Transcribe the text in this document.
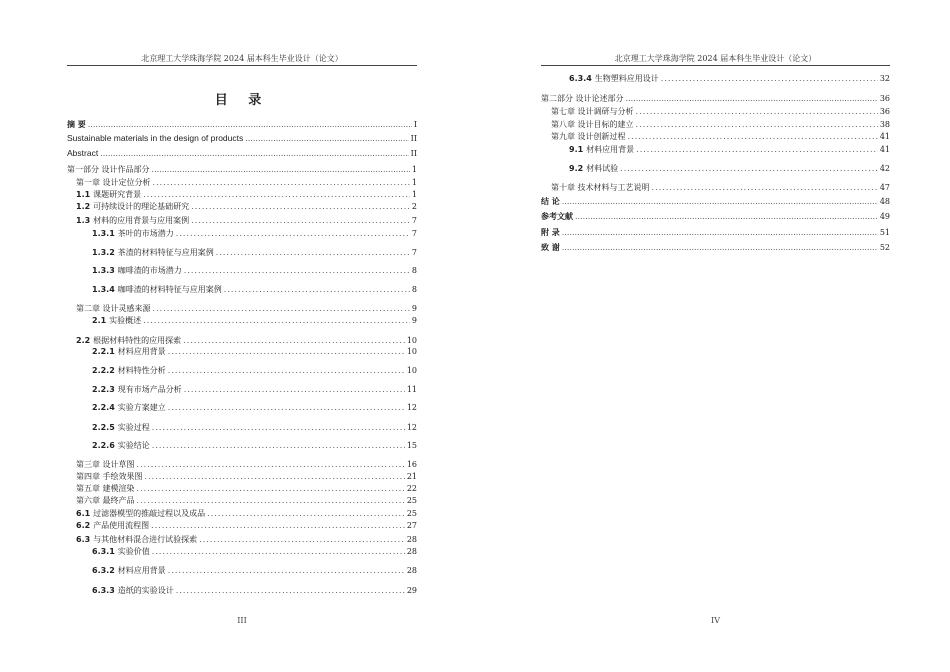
北京理工大学珠海学院 2024 届本科生毕业设计（论文）
目 录
摘 要 .....	I
Sustainable materials in the design of products .....	II
Abstract .....	II
第一部分 设计作品部分 .....	1
第一章 设计定位分析 .....	1
1.1 课题研究背景 .....	1
1.2 可持续设计的理论基础研究 .....	2
1.3 材料的应用背景与应用案例 .....	7
1.3.1 茶叶的市场潜力 .....	7
1.3.2 茶渣的材料特征与应用案例 .....	7
1.3.3 咖啡渣的市场潜力 .....	8
1.3.4 咖啡渣的材料特征与应用案例 .....	8
第二章 设计灵感来源 .....	9
2.1 实验概述 .....	9
2.2 根据材料特性的应用探索 .....	10
2.2.1 材料应用背景 .....	10
2.2.2 材料特性分析 .....	10
2.2.3 现有市场产品分析 .....	11
2.2.4 实验方案建立 .....	12
2.2.5 实验过程 .....	12
2.2.6 实验结论 .....	15
第三章 设计草图 .....	16
第四章 手绘效果图 .....	21
第五章 建模渲染 .....	22
第六章 最终产品 .....	25
6.1 过滤器模型的推敲过程以及成品 .....	25
6.2 产品使用流程图 .....	27
6.3 与其他材料混合进行试验探索 .....	28
6.3.1 实验价值 .....	28
6.3.2 材料应用背景 .....	28
6.3.3 造纸的实验设计 .....	29
III
北京理工大学珠海学院 2024 届本科生毕业设计（论文）
6.3.4 生物塑料应用设计 .....	32
第二部分 设计论述部分 .....	36
第七章 设计调研与分析 .....	36
第八章 设计目标的建立 .....	38
第九章 设计创新过程 .....	41
9.1 材料应用背景 .....	41
9.2 材料试验 .....	42
第十章 技术材料与工艺说明 .....	47
结 论 .....	48
参考文献 .....	49
附 录 .....	51
致 谢 .....	52
IV
